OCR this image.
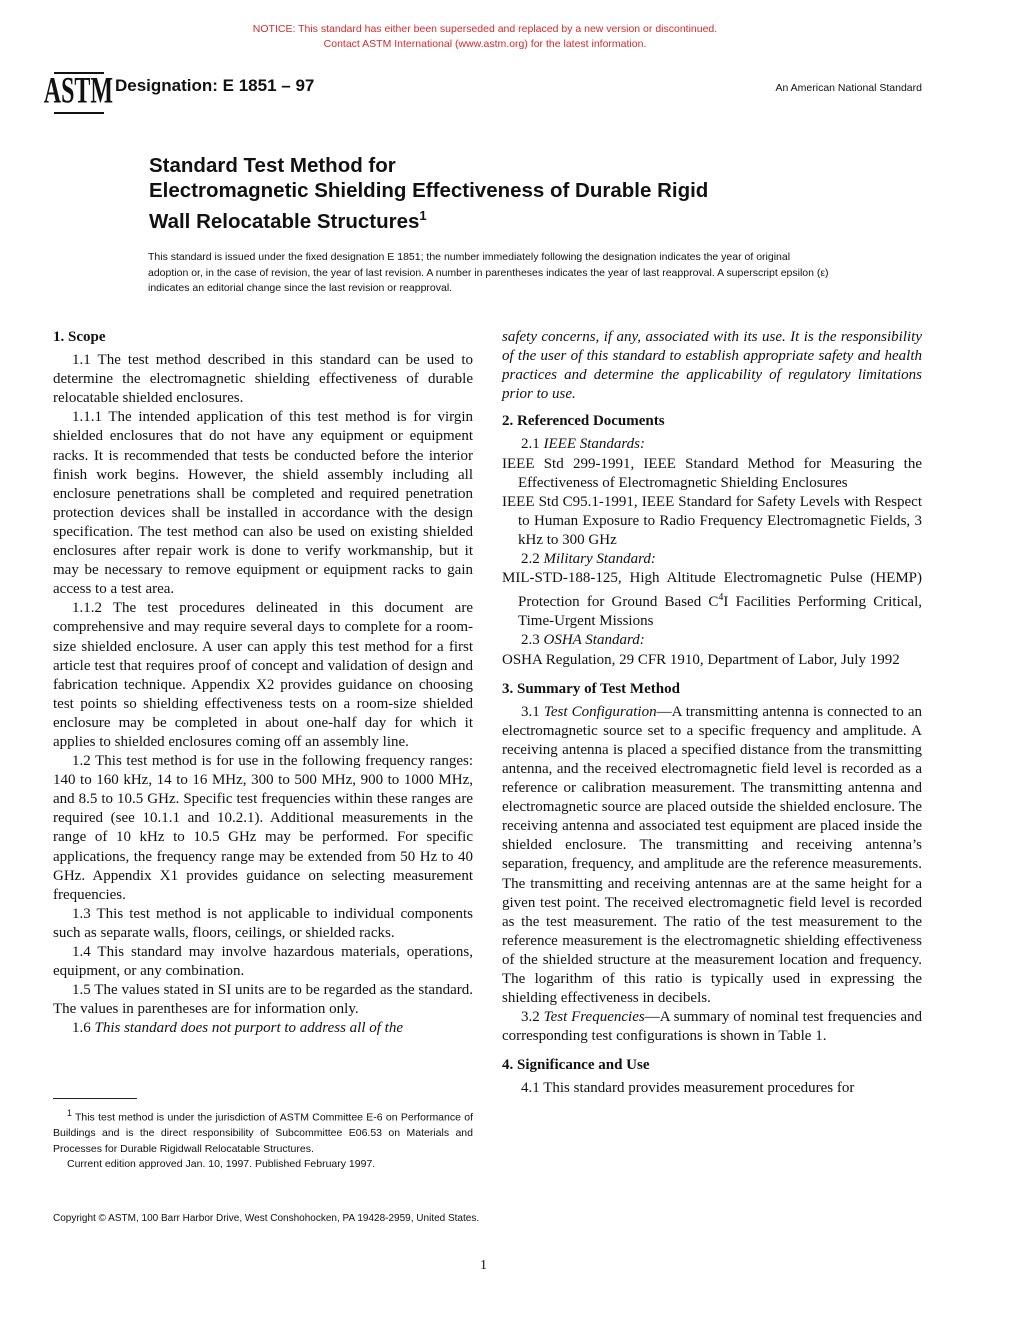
NOTICE: This standard has either been superseded and replaced by a new version or discontinued.
Contact ASTM International (www.astm.org) for the latest information.
ASTM Designation: E 1851 – 97	An American National Standard
Standard Test Method for
Electromagnetic Shielding Effectiveness of Durable Rigid
Wall Relocatable Structures$^1$
This standard is issued under the fixed designation E 1851; the number immediately following the designation indicates the year of original adoption or, in the case of revision, the year of last revision. A number in parentheses indicates the year of last reapproval. A superscript epsilon (ε) indicates an editorial change since the last revision or reapproval.
1. Scope

1.1 The test method described in this standard can be used to determine the electromagnetic shielding effectiveness of durable relocatable shielded enclosures.

1.1.1 The intended application of this test method is for virgin shielded enclosures that do not have any equipment or equipment racks. It is recommended that tests be conducted before the interior finish work begins. However, the shield assembly including all enclosure penetrations shall be completed and required penetration protection devices shall be installed in accordance with the design specification. The test method can also be used on existing shielded enclosures after repair work is done to verify workmanship, but it may be necessary to remove equipment or equipment racks to gain access to a test area.

1.1.2 The test procedures delineated in this document are comprehensive and may require several days to complete for a room-size shielded enclosure. A user can apply this test method for a first article test that requires proof of concept and validation of design and fabrication technique. Appendix X2 provides guidance on choosing test points so shielding effectiveness tests on a room-size shielded enclosure may be completed in about one-half day for which it applies to shielded enclosures coming off an assembly line.

1.2 This test method is for use in the following frequency ranges: 140 to 160 kHz, 14 to 16 MHz, 300 to 500 MHz, 900 to 1000 MHz, and 8.5 to 10.5 GHz. Specific test frequencies within these ranges are required (see 10.1.1 and 10.2.1). Additional measurements in the range of 10 kHz to 10.5 GHz may be performed. For specific applications, the frequency range may be extended from 50 Hz to 40 GHz. Appendix X1 provides guidance on selecting measurement frequencies.

1.3 This test method is not applicable to individual components such as separate walls, floors, ceilings, or shielded racks.

1.4 This standard may involve hazardous materials, operations, equipment, or any combination.

1.5 The values stated in SI units are to be regarded as the standard. The values in parentheses are for information only.

1.6 This standard does not purport to address all of the

safety concerns, if any, associated with its use. It is the responsibility of the user of this standard to establish appropriate safety and health practices and determine the applicability of regulatory limitations prior to use.

2. Referenced Documents

2.1 IEEE Standards:

IEEE Std 299-1991, IEEE Standard Method for Measuring the Effectiveness of Electromagnetic Shielding Enclosures

IEEE Std C95.1-1991, IEEE Standard for Safety Levels with Respect to Human Exposure to Radio Frequency Electromagnetic Fields, 3 kHz to 300 GHz

2.2 Military Standard:

MIL-STD-188-125, High Altitude Electromagnetic Pulse (HEMP) Protection for Ground Based $C^4I$ Facilities Performing Critical, Time-Urgent Missions

2.3 OSHA Standard:

OSHA Regulation, 29 CFR 1910, Department of Labor, July 1992

3. Summary of Test Method

3.1 Test Configuration—A transmitting antenna is connected to an electromagnetic source set to a specific frequency and amplitude. A receiving antenna is placed a specified distance from the transmitting antenna, and the received electromagnetic field level is recorded as a reference or calibration measurement. The transmitting antenna and electromagnetic source are placed outside the shielded enclosure. The receiving antenna and associated test equipment are placed inside the shielded enclosure. The transmitting and receiving antenna’s separation, frequency, and amplitude are the reference measurements. The transmitting and receiving antennas are at the same height for a given test point. The received electromagnetic field level is recorded as the test measurement. The ratio of the test measurement to the reference measurement is the electromagnetic shielding effectiveness of the shielded structure at the measurement location and frequency. The logarithm of this ratio is typically used in expressing the shielding effectiveness in decibels.

3.2 Test Frequencies—A summary of nominal test frequencies and corresponding test configurations is shown in Table 1.

4. Significance and Use

4.1 This standard provides measurement procedures for

$^1$ This test method is under the jurisdiction of ASTM Committee E-6 on Performance of Buildings and is the direct responsibility of Subcommittee E06.53 on Materials and Processes for Durable Rigidwall Relocatable Structures.

Current edition approved Jan. 10, 1997. Published February 1997.

Copyright © ASTM, 100 Barr Harbor Drive, West Conshohocken, PA 19428-2959, United States.
1
